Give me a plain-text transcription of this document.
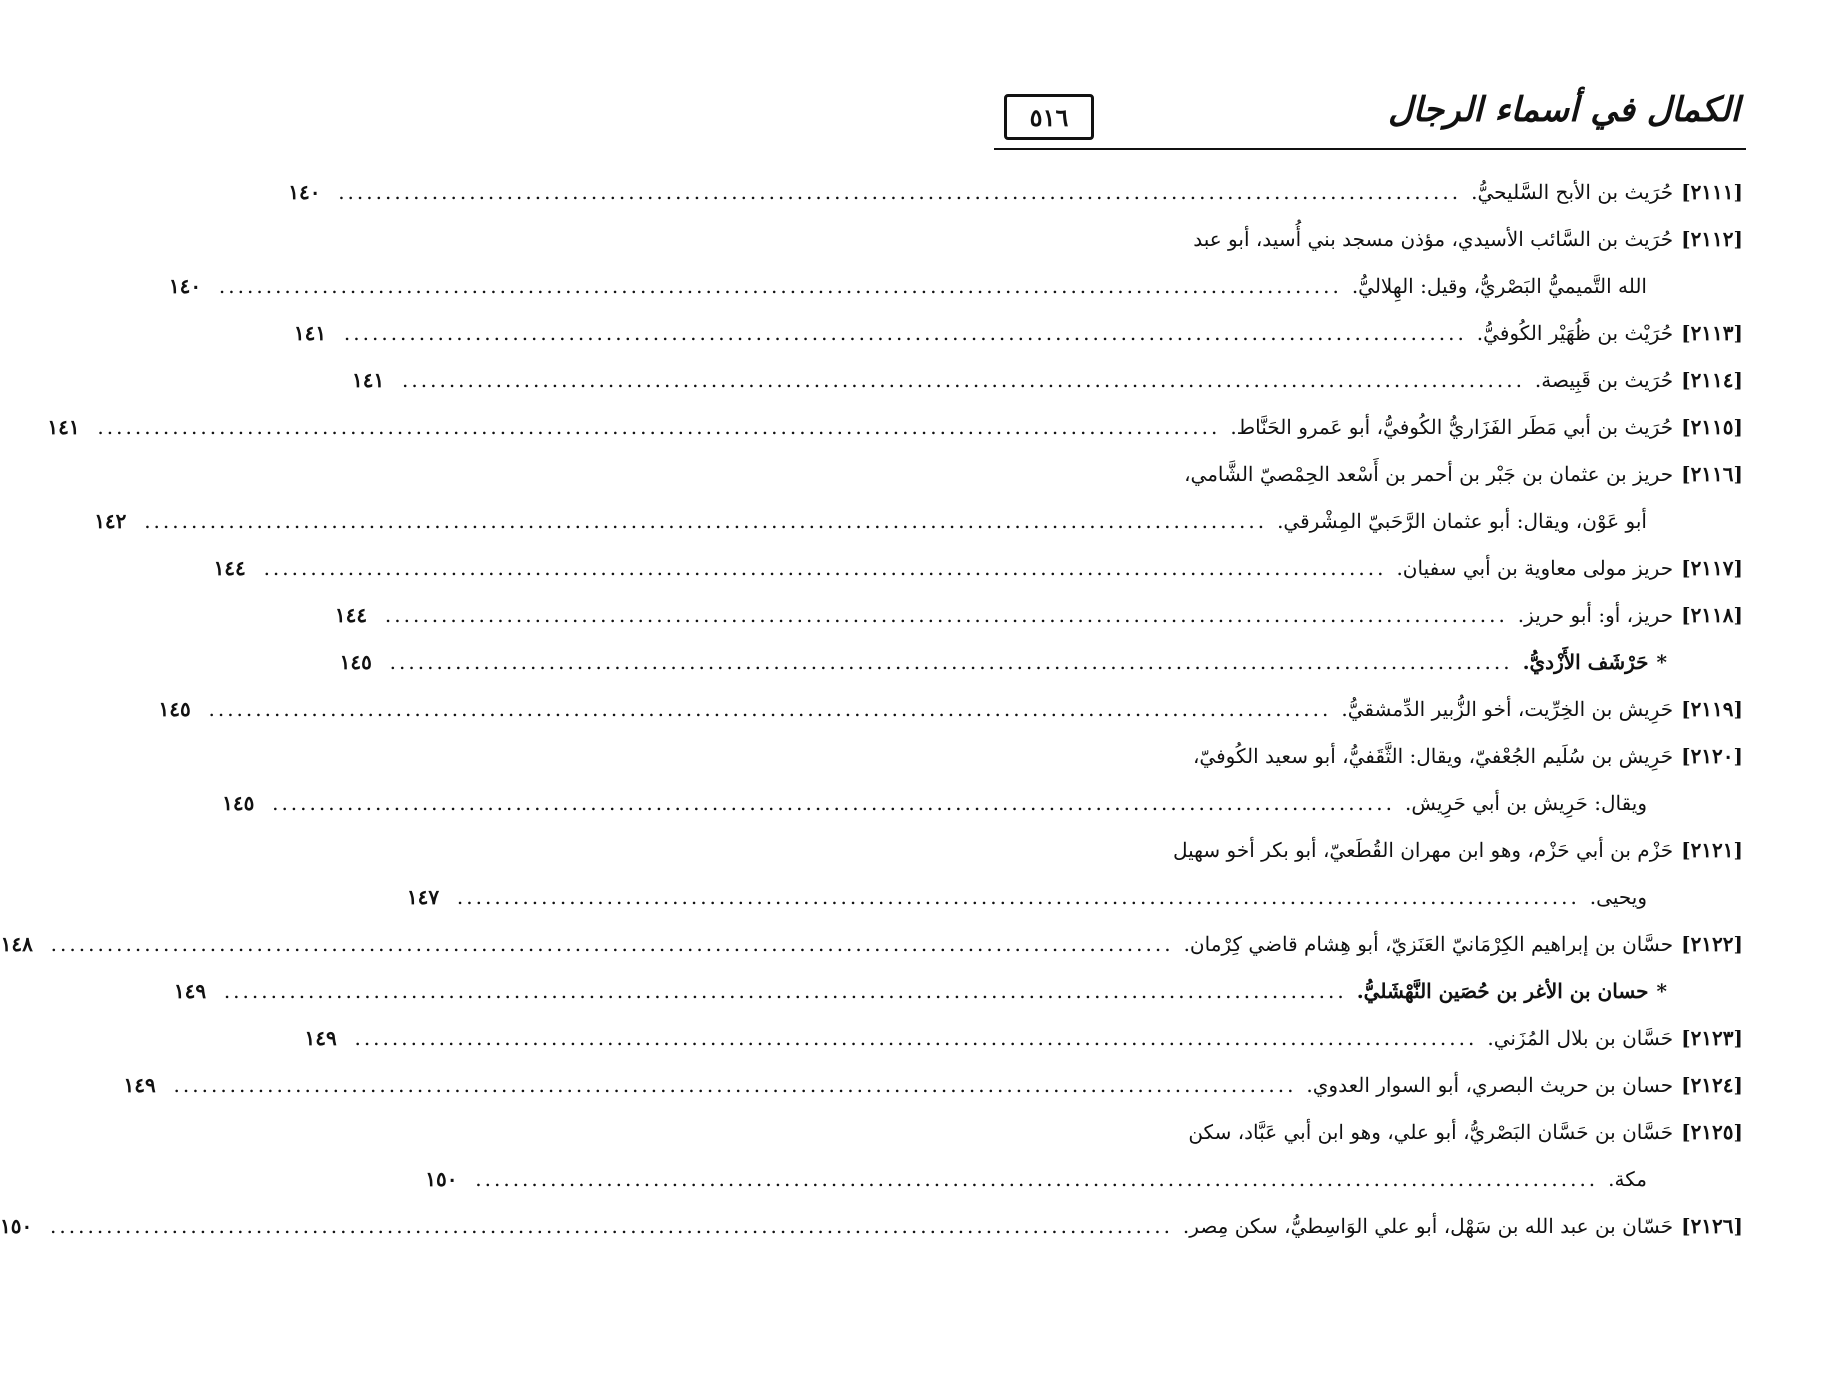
٥١٦	الكمال في أسماء الرجال
[٢١١١]
حُرَيث بن الأبح السَّليحيُّ.
........................................................................................................................
١٤٠
[٢١١٢]
حُرَيث بن السَّائب الأسيدي، مؤذن مسجد بني أُسيد، أبو عبد
الله التَّميميُّ البَصْريُّ، وقيل: الهِلاليُّ.
........................................................................................................................
١٤٠
[٢١١٣]
حُرَيْث بن ظُهَيْر الكُوفيُّ.
........................................................................................................................
١٤١
[٢١١٤]
حُرَيث بن قَبِيصة.
........................................................................................................................
١٤١
[٢١١٥]
حُرَيث بن أبي مَطَر الفَزَاريُّ الكُوفيُّ، أبو عَمرو الحَنَّاط.
........................................................................................................................
١٤١
[٢١١٦]
حريز بن عثمان بن جَبْر بن أحمر بن أَسْعد الحِمْصيّ الشَّامي،
أبو عَوْن، ويقال: أبو عثمان الرَّحَبيّ المِشْرقي.
........................................................................................................................
١٤٢
[٢١١٧]
حريز مولى معاوية بن أبي سفيان.
........................................................................................................................
١٤٤
[٢١١٨]
حريز، أو: أبو حريز.
........................................................................................................................
١٤٤
*
حَرْشَف الأَزْديُّ.
........................................................................................................................
١٤٥
[٢١١٩]
حَرِيش بن الخِرِّيت، أخو الزُّبير الدِّمشقيُّ.
........................................................................................................................
١٤٥
[٢١٢٠]
حَرِيش بن سُلَيم الجُعْفيّ، ويقال: الثَّقَفيُّ، أبو سعيد الكُوفيّ،
ويقال: حَرِيش بن أبي حَرِيش.
........................................................................................................................
١٤٥
[٢١٢١]
حَزْم بن أبي حَزْم، وهو ابن مهران القُطَعيّ، أبو بكر أخو سهيل
ويحيى.
........................................................................................................................
١٤٧
[٢١٢٢]
حسَّان بن إبراهيم الكِرْمَانيّ العَنَزيّ، أبو هِشام قاضي كِرْمان.
........................................................................................................................
١٤٨
*
حسان بن الأغر بن حُصَين النَّهْشَليُّ.
........................................................................................................................
١٤٩
[٢١٢٣]
حَسَّان بن بلال المُزَني.
........................................................................................................................
١٤٩
[٢١٢٤]
حسان بن حريث البصري، أبو السوار العدوي.
........................................................................................................................
١٤٩
[٢١٢٥]
حَسَّان بن حَسَّان البَصْريُّ، أبو علي، وهو ابن أبي عَبَّاد، سكن
مكة.
........................................................................................................................
١٥٠
[٢١٢٦]
حَسّان بن عبد الله بن سَهْل، أبو علي الوَاسِطيُّ، سكن مِصر.
........................................................................................................................
١٥٠
